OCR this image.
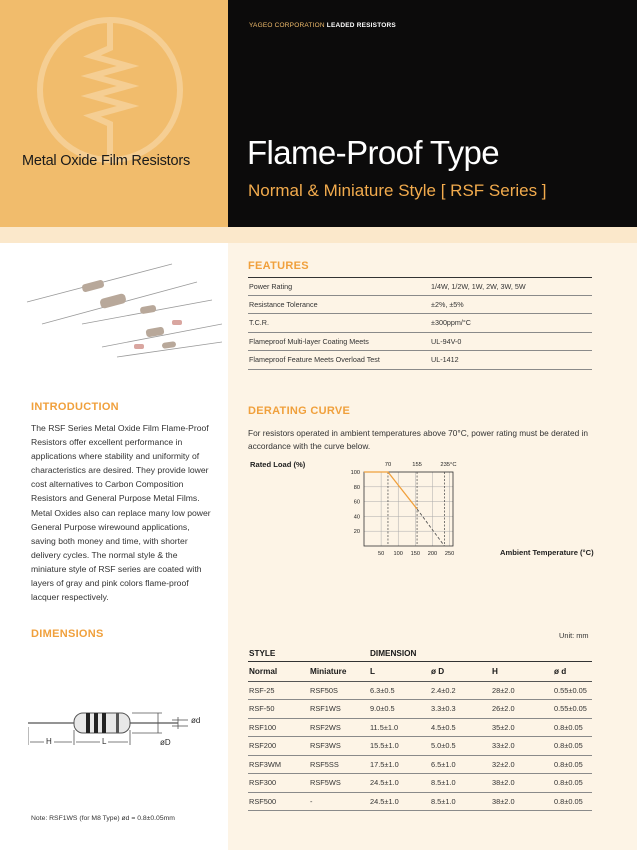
YAGEO CORPORATION LEADED RESISTORS
Flame-Proof Type
Normal & Miniature Style [ RSF Series ]
Metal Oxide Film Resistors
FEATURES
Power Rating	1/4W, 1/2W, 1W, 2W, 3W, 5W
Resistance Tolerance	±2%, ±5%
T.C.R.	±300ppm/°C
Flameproof Multi-layer Coating Meets	UL-94V-0
Flameproof Feature Meets Overload Test	UL-1412
INTRODUCTION
The RSF Series Metal Oxide Film Flame-Proof Resistors offer excellent performance in applications where stability and uniformity of characteristics are desired. They provide lower cost alternatives to Carbon Composition Resistors and General Purpose Metal Films. Metal Oxides also can replace many low power General Purpose wirewound applications, saving both money and time, with shorter delivery cycles. The normal style & the miniature style of RSF series are coated with layers of gray and pink colors flame-proof lacquer respectively.
DERATING CURVE
For resistors operated in ambient temperatures above 70°C, power rating must be derated in accordance with the curve below.
Rated Load (%)
Ambient Temperature (°C)
20
40
60
80
100
50 100 150 200 250
70	155	235°C
DIMENSIONS	Unit: mm
H	L
ød
øD
STYLE		DIMENSION			
Normal	Miniature	L	ø D	H	ø d
RSF-25	RSF50S	6.3±0.5	2.4±0.2	28±2.0	0.55±0.05
RSF-50	RSF1WS	9.0±0.5	3.3±0.3	26±2.0	0.55±0.05
RSF100	RSF2WS	11.5±1.0	4.5±0.5	35±2.0	0.8±0.05
RSF200	RSF3WS	15.5±1.0	5.0±0.5	33±2.0	0.8±0.05
RSF3WM	RSF5SS	17.5±1.0	6.5±1.0	32±2.0	0.8±0.05
RSF300	RSF5WS	24.5±1.0	8.5±1.0	38±2.0	0.8±0.05
RSF500	-	24.5±1.0	8.5±1.0	38±2.0	0.8±0.05
Note: RSF1WS (for M8 Type) ød = 0.8±0.05mm
